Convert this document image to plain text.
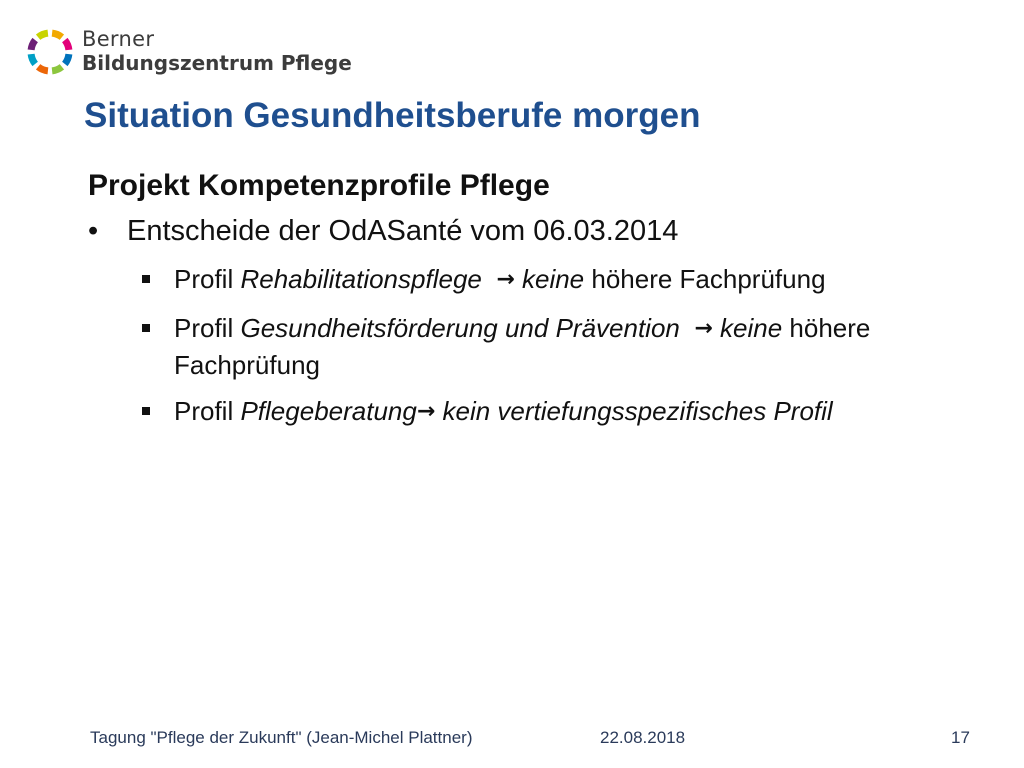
Berner
Bildungszentrum Pflege
Situation Gesundheitsberufe morgen
Projekt Kompetenzprofile Pflege
• Entscheide der OdASanté vom 06.03.2014
Profil Rehabilitationspflege → keine höhere Fachprüfung
Profil Gesundheitsförderung und Prävention → keine höhere Fachprüfung
Profil Pflegeberatung→ kein vertiefungsspezifisches Profil
Tagung "Pflege der Zukunft" (Jean-Michel Plattner)	22.08.2018	17
